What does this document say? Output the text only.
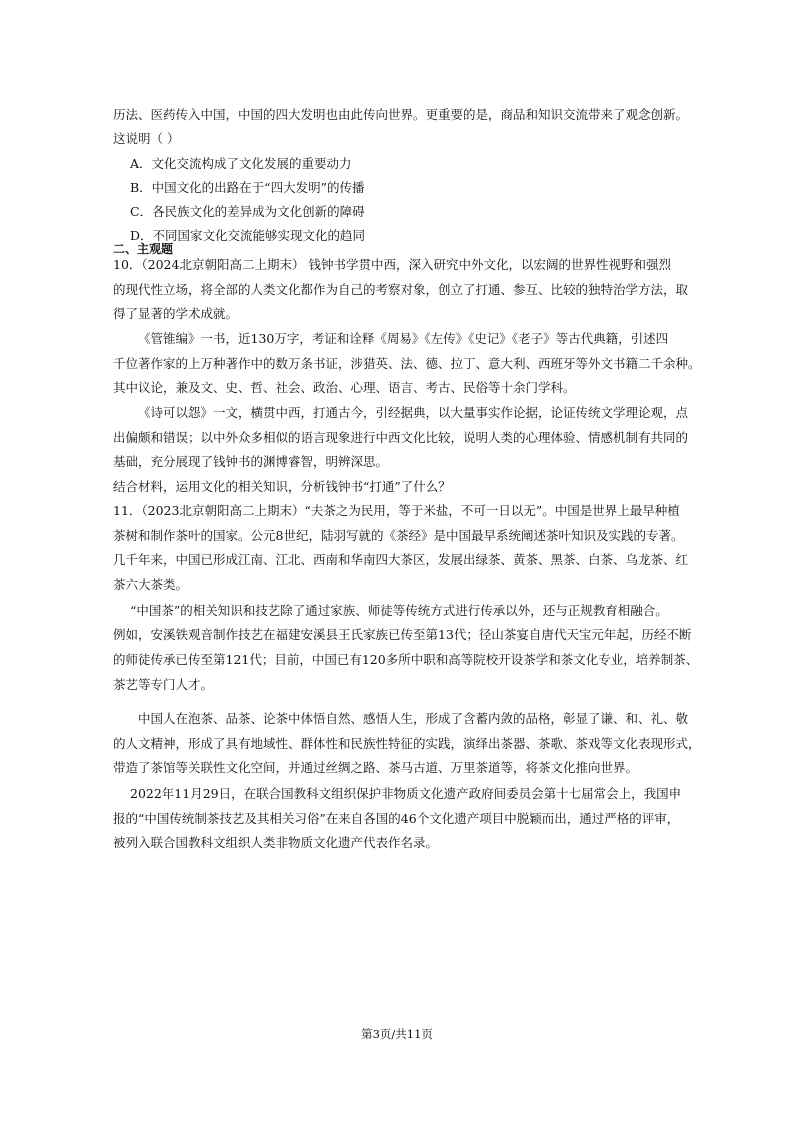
历法、医药传入中国，中国的四大发明也由此传向世界。更重要的是，商品和知识交流带来了观念创新。
这说明（ ）
A．文化交流构成了文化发展的重要动力
B．中国文化的出路在于“四大发明”的传播
C．各民族文化的差异成为文化创新的障碍
D．不同国家文化交流能够实现文化的趋同
二、主观题
10．（2024北京朝阳高二上期末） 钱钟书学贯中西，深入研究中外文化，以宏阔的世界性视野和强烈
的现代性立场，将全部的人类文化都作为自己的考察对象，创立了打通、参互、比较的独特治学方法，取
得了显著的学术成就。
《管锥编》一书，近130万字，考证和诠释《周易》《左传》《史记》《老子》等古代典籍，引述四
千位著作家的上万种著作中的数万条书证，涉猎英、法、德、拉丁、意大利、西班牙等外文书籍二千余种。
其中议论，兼及文、史、哲、社会、政治、心理、语言、考古、民俗等十余门学科。
《诗可以怨》一文，横贯中西，打通古今，引经据典，以大量事实作论据，论证传统文学理论观，点
出偏颇和错误；以中外众多相似的语言现象进行中西文化比较，说明人类的心理体验、情感机制有共同的
基础，充分展现了钱钟书的渊博睿智，明辨深思。
结合材料，运用文化的相关知识，分析钱钟书“打通”了什么？
11．（2023北京朝阳高二上期末）“夫茶之为民用，等于米盐，不可一日以无”。中国是世界上最早种植
茶树和制作茶叶的国家。公元8世纪，陆羽写就的《茶经》是中国最早系统阐述茶叶知识及实践的专著。
几千年来，中国已形成江南、江北、西南和华南四大茶区，发展出绿茶、黄茶、黑茶、白茶、乌龙茶、红
茶六大茶类。
“中国茶”的相关知识和技艺除了通过家族、师徒等传统方式进行传承以外，还与正规教育相融合。
例如，安溪铁观音制作技艺在福建安溪县王氏家族已传至第13代；径山茶宴自唐代天宝元年起，历经不断
的师徒传承已传至第121代；目前，中国已有120多所中职和高等院校开设茶学和茶文化专业，培养制茶、
茶艺等专门人才。
中国人在泡茶、品茶、论茶中体悟自然、感悟人生，形成了含蓄内敛的品格，彰显了谦、和、礼、敬
的人文精神，形成了具有地域性、群体性和民族性特征的实践，演绎出茶器、茶歌、茶戏等文化表现形式，
带造了茶馆等关联性文化空间，并通过丝绸之路、茶马古道、万里茶道等，将茶文化推向世界。
2022年11月29日，在联合国教科文组织保护非物质文化遗产政府间委员会第十七届常会上，我国申
报的“中国传统制茶技艺及其相关习俗”在来自各国的46个文化遗产项目中脱颖而出，通过严格的评审，
被列入联合国教科文组织人类非物质文化遗产代表作名录。
第3页/共11页
